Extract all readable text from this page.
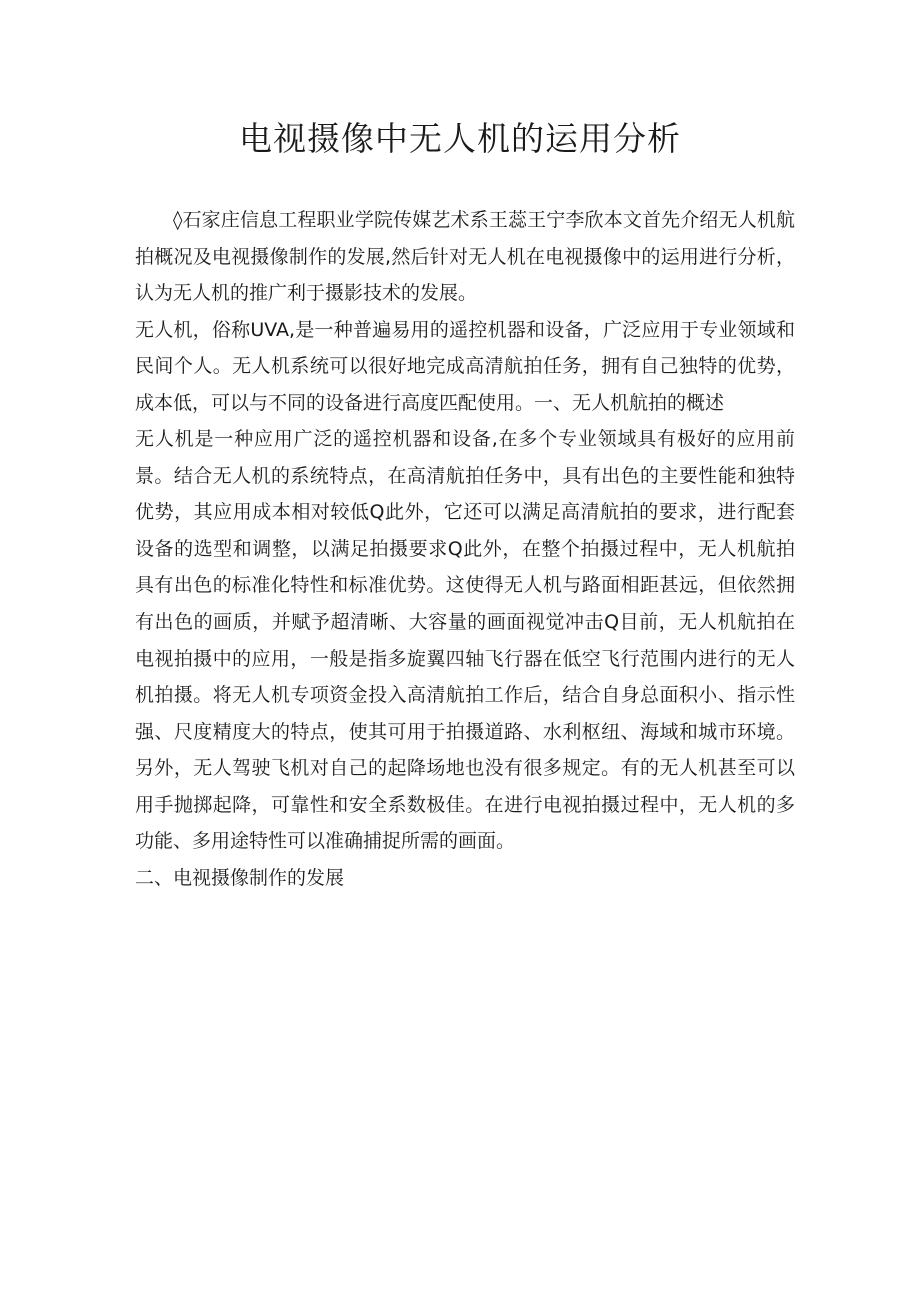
电视摄像中无人机的运用分析

◊石家庄信息工程职业学院传媒艺术系王蕊王宁李欣本文首先介绍无人机航拍概况及电视摄像制作的发展,然后针对无人机在电视摄像中的运用进行分析，认为无人机的推广利于摄影技术的发展。

无人机，俗称UVA,是一种普遍易用的遥控机器和设备，广泛应用于专业领域和民间个人。无人机系统可以很好地完成高清航拍任务，拥有自己独特的优势，成本低，可以与不同的设备进行高度匹配使用。一、无人机航拍的概述

无人机是一种应用广泛的遥控机器和设备,在多个专业领域具有极好的应用前景。结合无人机的系统特点，在高清航拍任务中，具有出色的主要性能和独特优势，其应用成本相对较低Q此外，它还可以满足高清航拍的要求，进行配套设备的选型和调整，以满足拍摄要求Q此外，在整个拍摄过程中，无人机航拍具有出色的标准化特性和标准优势。这使得无人机与路面相距甚远，但依然拥有出色的画质，并赋予超清晰、大容量的画面视觉冲击Q目前，无人机航拍在电视拍摄中的应用，一般是指多旋翼四轴飞行器在低空飞行范围内进行的无人机拍摄。将无人机专项资金投入高清航拍工作后，结合自身总面积小、指示性强、尺度精度大的特点，使其可用于拍摄道路、水利枢纽、海域和城市环境。另外，无人驾驶飞机对自己的起降场地也没有很多规定。有的无人机甚至可以用手抛掷起降，可靠性和安全系数极佳。在进行电视拍摄过程中，无人机的多功能、多用途特性可以准确捕捉所需的画面。

二、电视摄像制作的发展
